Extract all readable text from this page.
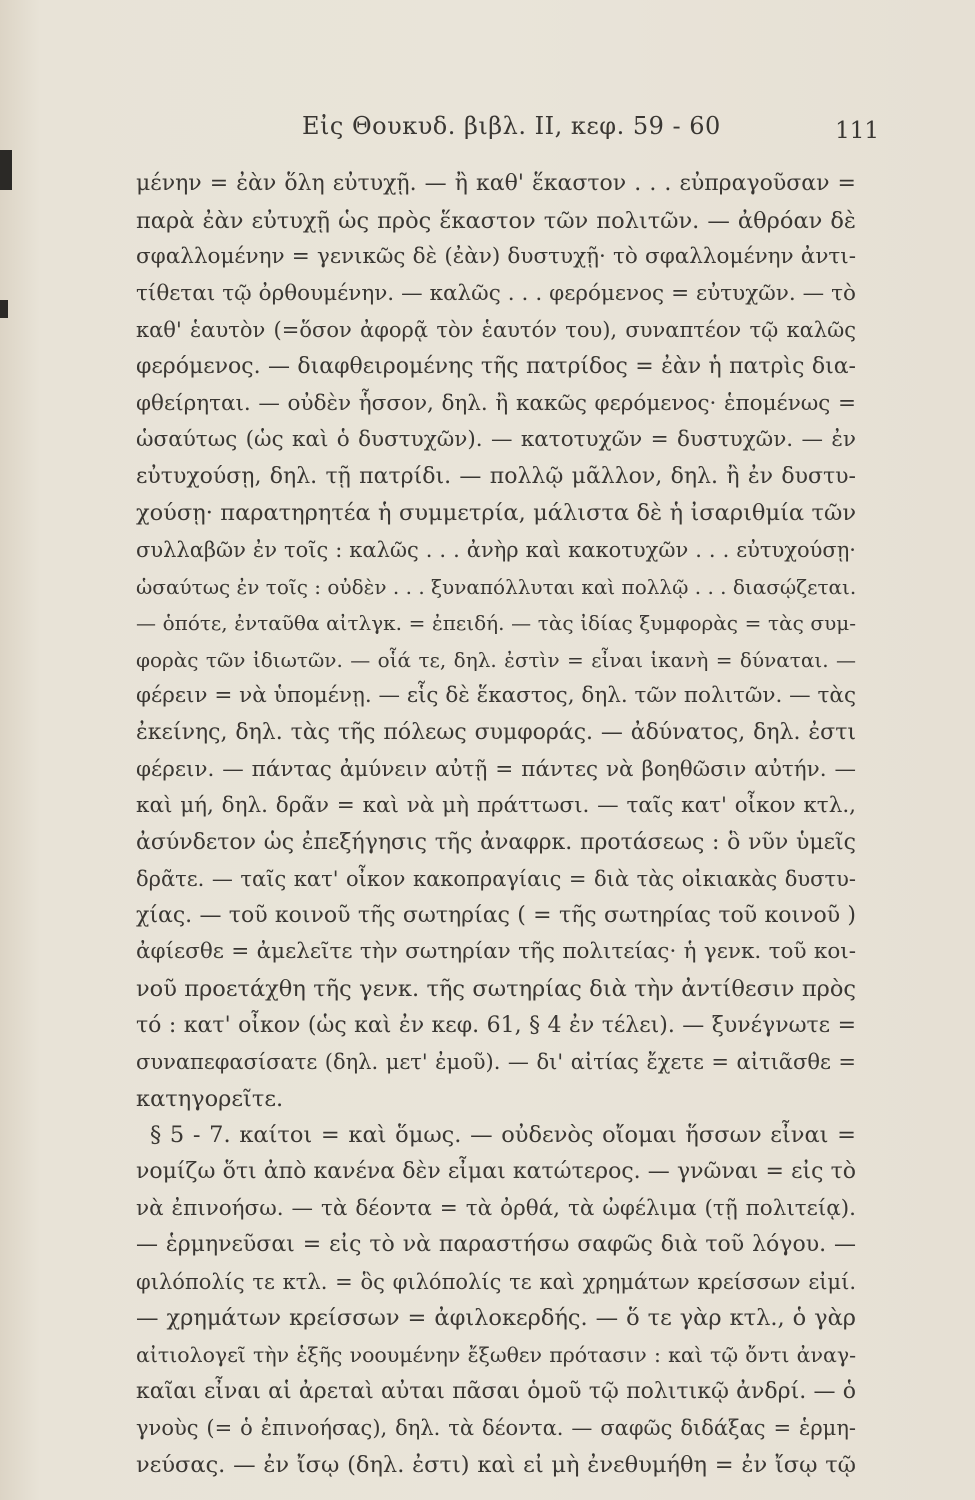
Εἰς Θουκυδ. βιβλ. II, κεφ. 59 - 60	111
μένην = ἐὰν ὅλη εὐτυχῇ. — ἢ καθ' ἕκαστον . . . εὐπραγοῦσαν =
παρὰ ἐὰν εὐτυχῇ ὡς πρὸς ἕκαστον τῶν πολιτῶν. — ἀθρόαν δὲ
σφαλλομένην = γενικῶς δὲ (ἐὰν) δυστυχῇ· τὸ σφαλλομένην ἀντι-
τίθεται τῷ ὀρθουμένην. — καλῶς . . . φερόμενος = εὐτυχῶν. — τὸ
καθ' ἑαυτὸν (=ὅσον ἀφορᾷ τὸν ἑαυτόν του), συναπτέον τῷ καλῶς
φερόμενος. — διαφθειρομένης τῆς πατρίδος = ἐὰν ἡ πατρὶς δια-
φθείρηται. — οὐδὲν ἧσσον, δηλ. ἢ κακῶς φερόμενος· ἑπομένως =
ὡσαύτως (ὡς καὶ ὁ δυστυχῶν). — κατοτυχῶν = δυστυχῶν. — ἐν
εὐτυχούσῃ, δηλ. τῇ πατρίδι. — πολλῷ μᾶλλον, δηλ. ἢ ἐν δυστυ-
χούσῃ· παρατηρητέα ἡ συμμετρία, μάλιστα δὲ ἡ ἰσαριθμία τῶν
συλλαβῶν ἐν τοῖς : καλῶς . . . ἀνὴρ καὶ κακοτυχῶν . . . εὐτυχούσῃ·
ὡσαύτως ἐν τοῖς : οὐδὲν . . . ξυναπόλλυται καὶ πολλῷ . . . διασῴζεται.
— ὁπότε, ἐνταῦθα αἰτλγκ. = ἐπειδή. — τὰς ἰδίας ξυμφορὰς = τὰς συμ-
φορὰς τῶν ἰδιωτῶν. — οἷά τε, δηλ. ἐστὶν = εἶναι ἱκανὴ = δύναται. —
φέρειν = νὰ ὑπομένῃ. — εἷς δὲ ἕκαστος, δηλ. τῶν πολιτῶν. — τὰς
ἐκείνης, δηλ. τὰς τῆς πόλεως συμφοράς. — ἀδύνατος, δηλ. ἐστι
φέρειν. — πάντας ἀμύνειν αὐτῇ = πάντες νὰ βοηθῶσιν αὐτήν. —
καὶ μή, δηλ. δρᾶν = καὶ νὰ μὴ πράττωσι. — ταῖς κατ' οἶκον κτλ.,
ἀσύνδετον ὡς ἐπεξήγησις τῆς ἀναφρκ. προτάσεως : ὃ νῦν ὑμεῖς
δρᾶτε. — ταῖς κατ' οἶκον κακοπραγίαις = διὰ τὰς οἰκιακὰς δυστυ-
χίας. — τοῦ κοινοῦ τῆς σωτηρίας ( = τῆς σωτηρίας τοῦ κοινοῦ )
ἀφίεσθε = ἀμελεῖτε τὴν σωτηρίαν τῆς πολιτείας· ἡ γενκ. τοῦ κοι-
νοῦ προετάχθη τῆς γενκ. τῆς σωτηρίας διὰ τὴν ἀντίθεσιν πρὸς
τό : κατ' οἶκον (ὡς καὶ ἐν κεφ. 61, § 4 ἐν τέλει). — ξυνέγνωτε =
συναπεφασίσατε (δηλ. μετ' ἐμοῦ). — δι' αἰτίας ἔχετε = αἰτιᾶσθε =
κατηγορεῖτε.
§ 5 - 7. καίτοι = καὶ ὅμως. — οὐδενὸς οἴομαι ἥσσων εἶναι =
νομίζω ὅτι ἀπὸ κανένα δὲν εἶμαι κατώτερος. — γνῶναι = εἰς τὸ
νὰ ἐπινοήσω. — τὰ δέοντα = τὰ ὀρθά, τὰ ὠφέλιμα (τῇ πολιτείᾳ).
— ἑρμηνεῦσαι = εἰς τὸ νὰ παραστήσω σαφῶς διὰ τοῦ λόγου. —
φιλόπολίς τε κτλ. = ὃς φιλόπολίς τε καὶ χρημάτων κρείσσων εἰμί.
— χρημάτων κρείσσων = ἀφιλοκερδής. — ὅ τε γὰρ κτλ., ὁ γὰρ
αἰτιολογεῖ τὴν ἑξῆς νοουμένην ἔξωθεν πρότασιν : καὶ τῷ ὄντι ἀναγ-
καῖαι εἶναι αἱ ἀρεταὶ αὐται πᾶσαι ὁμοῦ τῷ πολιτικῷ ἀνδρί. — ὁ
γνοὺς (= ὁ ἐπινοήσας), δηλ. τὰ δέοντα. — σαφῶς διδάξας = ἑρμη-
νεύσας. — ἐν ἴσῳ (δηλ. ἐστι) καὶ εἰ μὴ ἐνεθυμήθη = ἐν ἴσῳ τῷ
